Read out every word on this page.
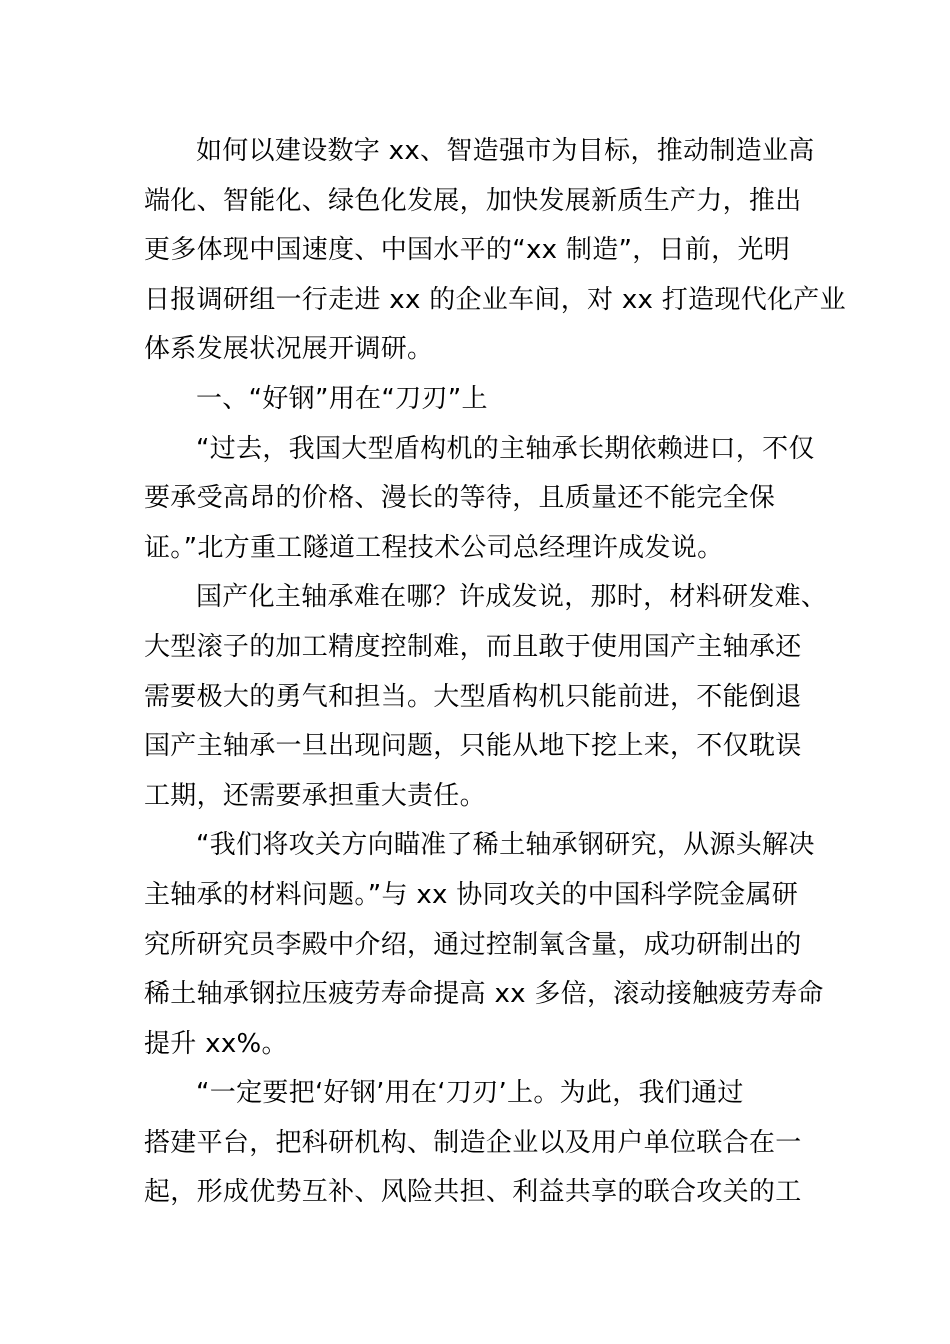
如何以建设数字 xx、智造强市为目标，推动制造业高
端化、智能化、绿色化发展，加快发展新质生产力，推出
更多体现中国速度、中国水平的“xx 制造”，日前，光明
日报调研组一行走进 xx 的企业车间，对 xx 打造现代化产业
体系发展状况展开调研。
一、“好钢”用在“刀刃”上
“过去，我国大型盾构机的主轴承长期依赖进口，不仅
要承受高昂的价格、漫长的等待，且质量还不能完全保
证。”北方重工隧道工程技术公司总经理许成发说。
国产化主轴承难在哪？许成发说，那时，材料研发难、
大型滚子的加工精度控制难，而且敢于使用国产主轴承还
需要极大的勇气和担当。大型盾构机只能前进，不能倒退
国产主轴承一旦出现问题，只能从地下挖上来，不仅耽误
工期，还需要承担重大责任。
“我们将攻关方向瞄准了稀土轴承钢研究，从源头解决
主轴承的材料问题。”与 xx 协同攻关的中国科学院金属研
究所研究员李殿中介绍，通过控制氧含量，成功研制出的
稀土轴承钢拉压疲劳寿命提高 xx 多倍，滚动接触疲劳寿命
提升 xx%。
“一定要把‘好钢’用在‘刀刃’上。为此，我们通过
搭建平台，把科研机构、制造企业以及用户单位联合在一
起，形成优势互补、风险共担、利益共享的联合攻关的工
